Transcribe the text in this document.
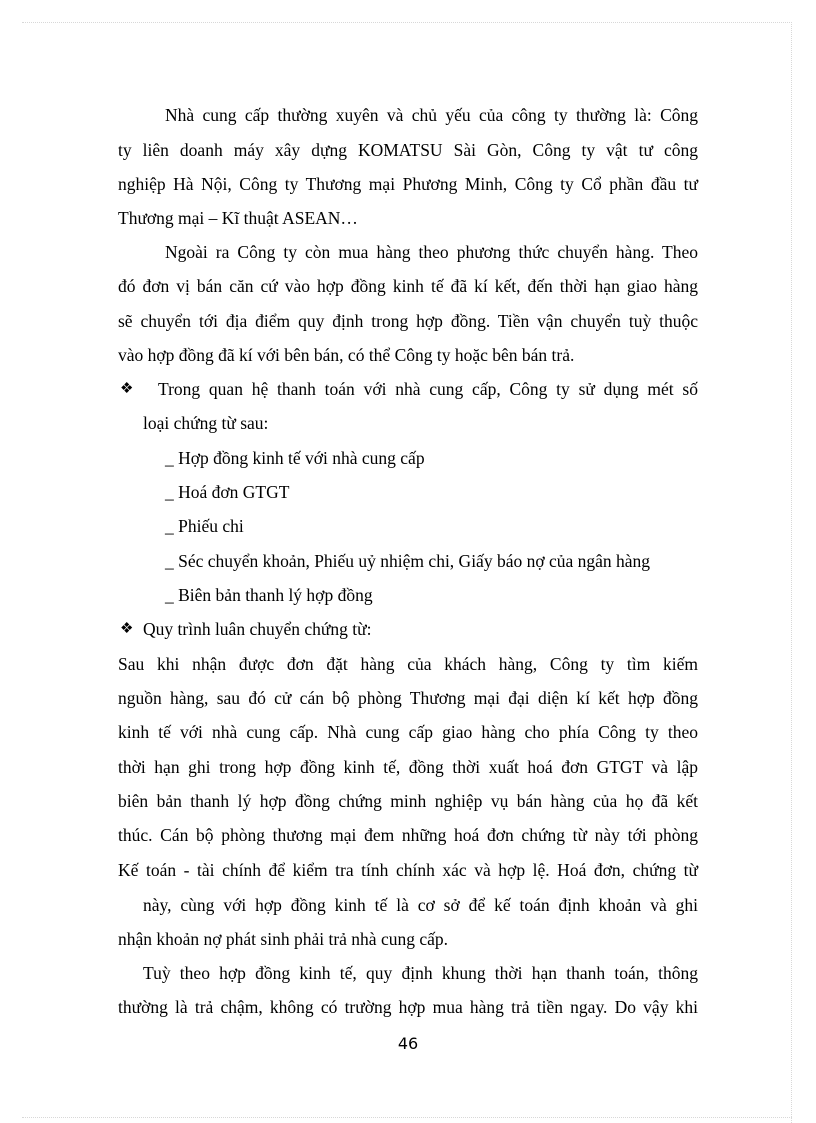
Nhà cung cấp thường xuyên và chủ yếu của công ty thường là: Công
ty liên doanh máy xây dựng KOMATSU Sài Gòn, Công ty vật tư công
nghiệp Hà Nội, Công ty Thương mại Phương Minh, Công ty Cổ phần đầu tư
Thương mại – Kĩ thuật ASEAN…
Ngoài ra Công ty còn mua hàng theo phương thức chuyển hàng. Theo
đó đơn vị bán căn cứ vào hợp đồng kinh tế đã kí kết, đến thời hạn giao hàng
sẽ chuyển tới địa điểm quy định trong hợp đồng. Tiền vận chuyển tuỳ thuộc
vào hợp đồng đã kí với bên bán, có thể Công ty hoặc bên bán trả.
❖ Trong quan hệ thanh toán với nhà cung cấp, Công ty sử dụng mét số
loại chứng từ sau:
_ Hợp đồng kinh tế với nhà cung cấp
_ Hoá đơn GTGT
_ Phiếu chi
_ Séc chuyển khoản, Phiếu uỷ nhiệm chi, Giấy báo nợ của ngân hàng
_ Biên bản thanh lý hợp đồng
❖ Quy trình luân chuyển chứng từ:
Sau khi nhận được đơn đặt hàng của khách hàng, Công ty tìm kiếm
nguồn hàng, sau đó cử cán bộ phòng Thương mại đại diện kí kết hợp đồng
kinh tế với nhà cung cấp. Nhà cung cấp giao hàng cho phía Công ty theo
thời hạn ghi trong hợp đồng kinh tế, đồng thời xuất hoá đơn GTGT và lập
biên bản thanh lý hợp đồng chứng minh nghiệp vụ bán hàng của họ đã kết
thúc. Cán bộ phòng thương mại đem những hoá đơn chứng từ này tới phòng
Kế toán - tài chính để kiểm tra tính chính xác và hợp lệ. Hoá đơn, chứng từ
này, cùng với hợp đồng kinh tế là cơ sở để kế toán định khoản và ghi
nhận khoản nợ phát sinh phải trả nhà cung cấp.
Tuỳ theo hợp đồng kinh tế, quy định khung thời hạn thanh toán, thông
thường là trả chậm, không có trường hợp mua hàng trả tiền ngay. Do vậy khi
46
